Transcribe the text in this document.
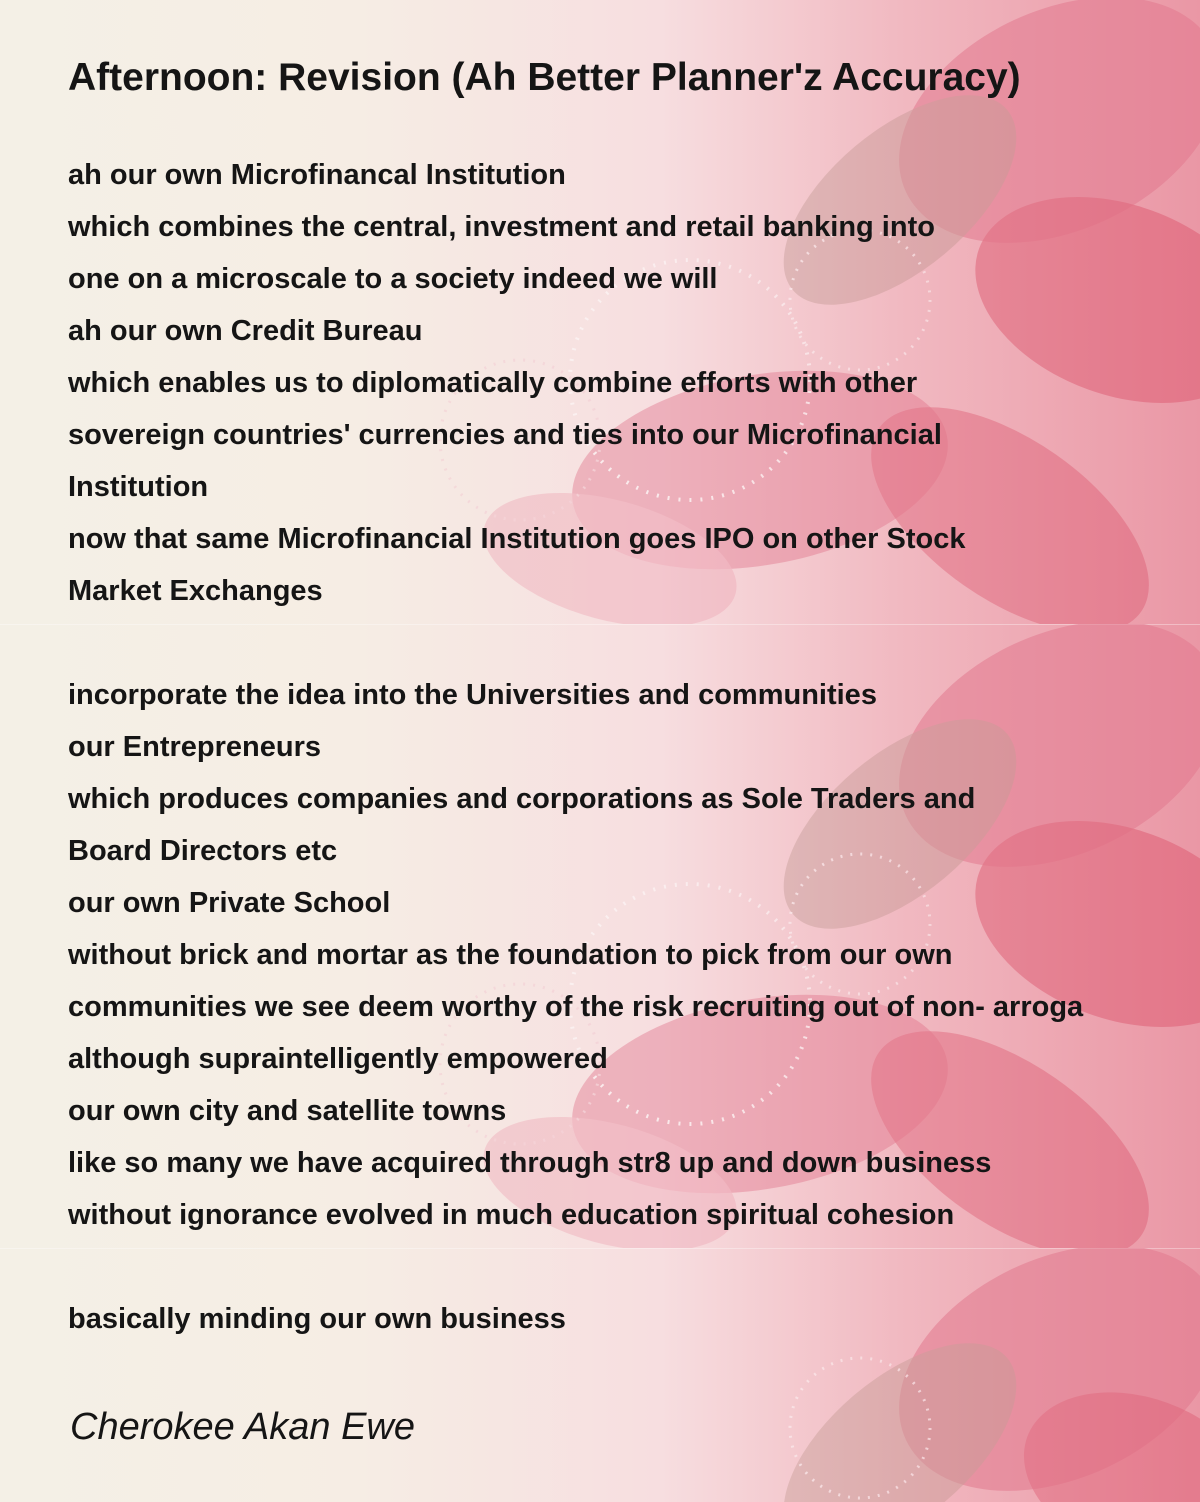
Afternoon: Revision (Ah Better Planner'z Accuracy)
ah our own Microfinancal Institution
which combines the central, investment and retail banking into
one on a microscale to a society indeed we will
ah our own Credit Bureau
which enables us to diplomatically combine efforts with other
sovereign countries' currencies and ties into our Microfinancial
Institution
now that same Microfinancial Institution goes IPO on other Stock
Market Exchanges
incorporate the idea into the Universities and communities
our Entrepreneurs
which produces companies and corporations as Sole Traders and
Board Directors etc
our own Private School
without brick and mortar as the foundation to pick from our own
communities we see deem worthy of the risk recruiting out of non- arroga
although supraintelligently empowered
our own city and satellite towns
like so many we have acquired through str8 up and down business
without ignorance evolved in much education spiritual cohesion
basically minding our own business

Cherokee Akan Ewe
